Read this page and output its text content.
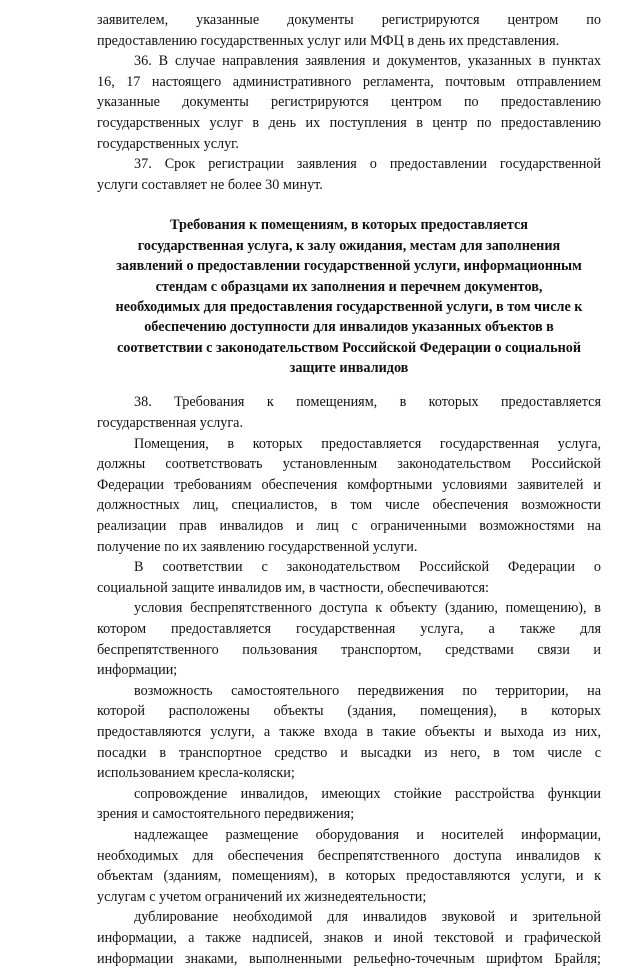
заявителем, указанные документы регистрируются центром по
предоставлению государственных услуг или МФЦ в день их представления.
36. В случае направления заявления и документов, указанных в пунктах
16, 17 настоящего административного регламента, почтовым отправлением
указанные документы регистрируются центром по предоставлению
государственных услуг в день их поступления в центр по предоставлению
государственных услуг.
37. Срок регистрации заявления о предоставлении государственной
услуги составляет не более 30 минут.
Требования к помещениям, в которых предоставляется
государственная услуга, к залу ожидания, местам для заполнения
заявлений о предоставлении государственной услуги, информационным
стендам с образцами их заполнения и перечнем документов,
необходимых для предоставления государственной услуги, в том числе к
обеспечению доступности для инвалидов указанных объектов в
соответствии с законодательством Российской Федерации о социальной
защите инвалидов
38. Требования к помещениям, в которых предоставляется
государственная услуга.
Помещения, в которых предоставляется государственная услуга,
должны соответствовать установленным законодательством Российской
Федерации требованиям обеспечения комфортными условиями заявителей и
должностных лиц, специалистов, в том числе обеспечения возможности
реализации прав инвалидов и лиц с ограниченными возможностями на
получение по их заявлению государственной услуги.
В соответствии с законодательством Российской Федерации о
социальной защите инвалидов им, в частности, обеспечиваются:
условия беспрепятственного доступа к объекту (зданию, помещению), в
котором предоставляется государственная услуга, а также для
беспрепятственного пользования транспортом, средствами связи и
информации;
возможность самостоятельного передвижения по территории, на
которой расположены объекты (здания, помещения), в которых
предоставляются услуги, а также входа в такие объекты и выхода из них,
посадки в транспортное средство и высадки из него, в том числе с
использованием кресла-коляски;
сопровождение инвалидов, имеющих стойкие расстройства функции
зрения и самостоятельного передвижения;
надлежащее размещение оборудования и носителей информации,
необходимых для обеспечения беспрепятственного доступа инвалидов к
объектам (зданиям, помещениям), в которых предоставляются услуги, и к
услугам с учетом ограничений их жизнедеятельности;
дублирование необходимой для инвалидов звуковой и зрительной
информации, а также надписей, знаков и иной текстовой и графической
информации знаками, выполненными рельефно-точечным шрифтом Брайля;
